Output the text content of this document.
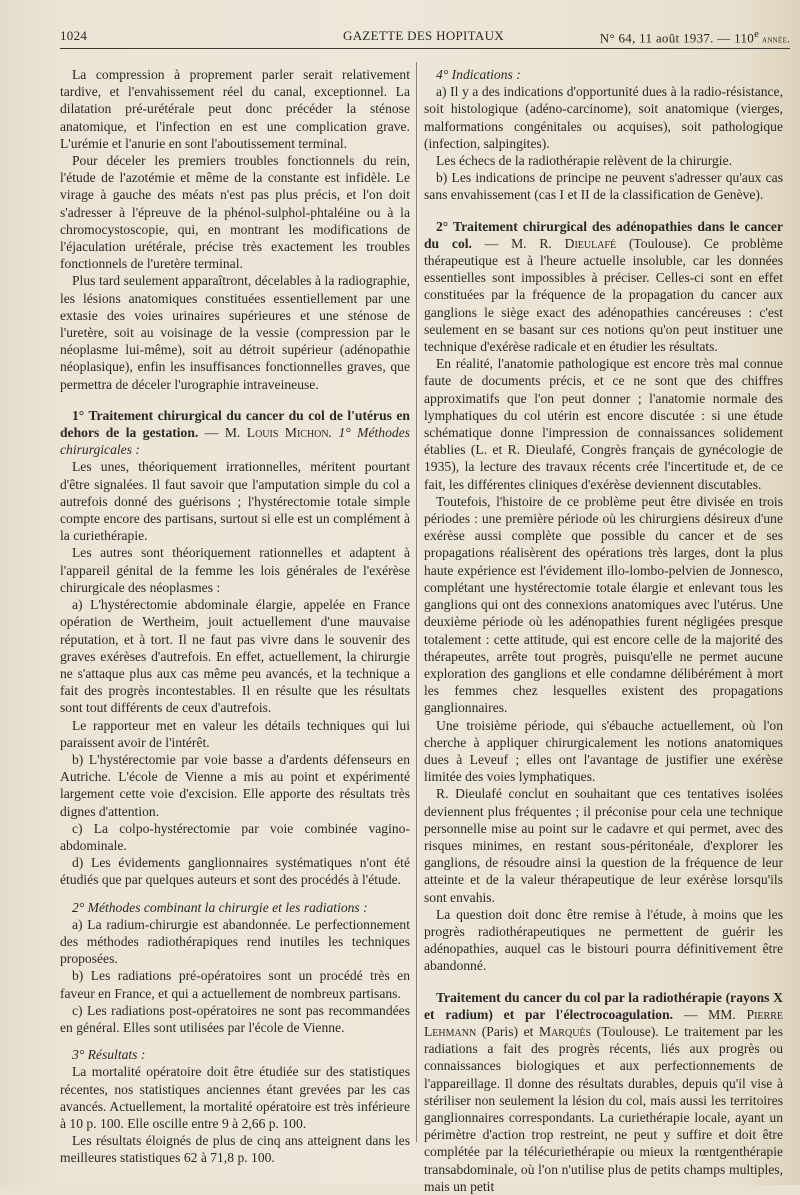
1024	GAZETTE DES HOPITAUX	N° 64, 11 août 1937. — 110e année.

La compression à proprement parler serait relativement tardive, et l'envahissement réel du canal, exceptionnel. La dilatation pré-urétérale peut donc précéder la sténose anatomique, et l'infection en est une complication grave. L'urémie et l'anurie en sont l'aboutissement terminal.

Pour déceler les premiers troubles fonctionnels du rein, l'étude de l'azotémie et même de la constante est infidèle. Le virage à gauche des méats n'est pas plus précis, et l'on doit s'adresser à l'épreuve de la phénol-sulphol-phtaléine ou à la chromocystoscopie, qui, en montrant les modifications de l'éjaculation urétérale, précise très exactement les troubles fonctionnels de l'uretère terminal.

Plus tard seulement apparaîtront, décelables à la radiographie, les lésions anatomiques constituées essentiellement par une extasie des voies urinaires supérieures et une sténose de l'uretère, soit au voisinage de la vessie (compression par le néoplasme lui-même), soit au détroit supérieur (adénopathie néoplasique), enfin les insuffisances fonctionnelles graves, que permettra de déceler l'urographie intraveineuse.

1° Traitement chirurgical du cancer du col de l'utérus en dehors de la gestation. — M. Louis Michon. 1° Méthodes chirurgicales :

Les unes, théoriquement irrationnelles, méritent pourtant d'être signalées. Il faut savoir que l'amputation simple du col a autrefois donné des guérisons ; l'hystérectomie totale simple compte encore des partisans, surtout si elle est un complément à la curiethérapie.

Les autres sont théoriquement rationnelles et adaptent à l'appareil génital de la femme les lois générales de l'exérèse chirurgicale des néoplasmes :

a) L'hystérectomie abdominale élargie, appelée en France opération de Wertheim, jouit actuellement d'une mauvaise réputation, et à tort. Il ne faut pas vivre dans le souvenir des graves exérèses d'autrefois. En effet, actuellement, la chirurgie ne s'attaque plus aux cas même peu avancés, et la technique a fait des progrès incontestables. Il en résulte que les résultats sont tout différents de ceux d'autrefois.

Le rapporteur met en valeur les détails techniques qui lui paraissent avoir de l'intérêt.

b) L'hystérectomie par voie basse a d'ardents défenseurs en Autriche. L'école de Vienne a mis au point et expérimenté largement cette voie d'excision. Elle apporte des résultats très dignes d'attention.

c) La colpo-hystérectomie par voie combinée vagino-abdominale.

d) Les évidements ganglionnaires systématiques n'ont été étudiés que par quelques auteurs et sont des procédés à l'étude.

2° Méthodes combinant la chirurgie et les radiations :

a) La radium-chirurgie est abandonnée. Le perfectionnement des méthodes radiothérapiques rend inutiles les techniques proposées.

b) Les radiations pré-opératoires sont un procédé très en faveur en France, et qui a actuellement de nombreux partisans.

c) Les radiations post-opératoires ne sont pas recommandées en général. Elles sont utilisées par l'école de Vienne.

3° Résultats :

La mortalité opératoire doit être étudiée sur des statistiques récentes, nos statistiques anciennes étant grevées par les cas avancés. Actuellement, la mortalité opératoire est très inférieure à 10 p. 100. Elle oscille entre 9 à 2,66 p. 100.

Les résultats éloignés de plus de cinq ans atteignent dans les meilleures statistiques 62 à 71,8 p. 100.

4° Indications :

a) Il y a des indications d'opportunité dues à la radio-résistance, soit histologique (adéno-carcinome), soit anatomique (vierges, malformations congénitales ou acquises), soit pathologique (infection, salpingites).

Les échecs de la radiothérapie relèvent de la chirurgie.

b) Les indications de principe ne peuvent s'adresser qu'aux cas sans envahissement (cas I et II de la classification de Genève).

2° Traitement chirurgical des adénopathies dans le cancer du col. — M. R. Dieulafé (Toulouse). Ce problème thérapeutique est à l'heure actuelle insoluble, car les données essentielles sont impossibles à préciser. Celles-ci sont en effet constituées par la fréquence de la propagation du cancer aux ganglions le siège exact des adénopathies cancéreuses : c'est seulement en se basant sur ces notions qu'on peut instituer une technique d'exérèse radicale et en étudier les résultats.

En réalité, l'anatomie pathologique est encore très mal connue faute de documents précis, et ce ne sont que des chiffres approximatifs que l'on peut donner ; l'anatomie normale des lymphatiques du col utérin est encore discutée : si une étude schématique donne l'impression de connaissances solidement établies (L. et R. Dieulafé, Congrès français de gynécologie de 1935), la lecture des travaux récents crée l'incertitude et, de ce fait, les différentes cliniques d'exérèse deviennent discutables.

Toutefois, l'histoire de ce problème peut être divisée en trois périodes : une première période où les chirurgiens désireux d'une exérèse aussi complète que possible du cancer et de ses propagations réalisèrent des opérations très larges, dont la plus haute expérience est l'évidement illo-lombo-pelvien de Jonnesco, complétant une hystérectomie totale élargie et enlevant tous les ganglions qui ont des connexions anatomiques avec l'utérus. Une deuxième période où les adénopathies furent négligées presque totalement : cette attitude, qui est encore celle de la majorité des thérapeutes, arrête tout progrès, puisqu'elle ne permet aucune exploration des ganglions et elle condamne délibérément à mort les femmes chez lesquelles existent des propagations ganglionnaires.

Une troisième période, qui s'ébauche actuellement, où l'on cherche à appliquer chirurgicalement les notions anatomiques dues à Leveuf ; elles ont l'avantage de justifier une exérèse limitée des voies lymphatiques.

R. Dieulafé conclut en souhaitant que ces tentatives isolées deviennent plus fréquentes ; il préconise pour cela une technique personnelle mise au point sur le cadavre et qui permet, avec des risques minimes, en restant sous-péritonéale, d'explorer les ganglions, de résoudre ainsi la question de la fréquence de leur atteinte et de la valeur thérapeutique de leur exérèse lorsqu'ils sont envahis.

La question doit donc être remise à l'étude, à moins que les progrès radiothérapeutiques ne permettent de guérir les adénopathies, auquel cas le bistouri pourra définitivement être abandonné.

Traitement du cancer du col par la radiothérapie (rayons X et radium) et par l'électrocoagulation. — MM. Pierre Lehmann (Paris) et Marquès (Toulouse). Le traitement par les radiations a fait des progrès récents, liés aux progrès ou connaissances biologiques et aux perfectionnements de l'appareillage. Il donne des résultats durables, depuis qu'il vise à stériliser non seulement la lésion du col, mais aussi les territoires ganglionnaires correspondants. La curiethérapie locale, ayant un périmètre d'action trop restreint, ne peut y suffire et doit être complétée par la télécuriethérapie ou mieux la rœntgenthérapie transabdominale, où l'on n'utilise plus de petits champs multiples, mais un petit
